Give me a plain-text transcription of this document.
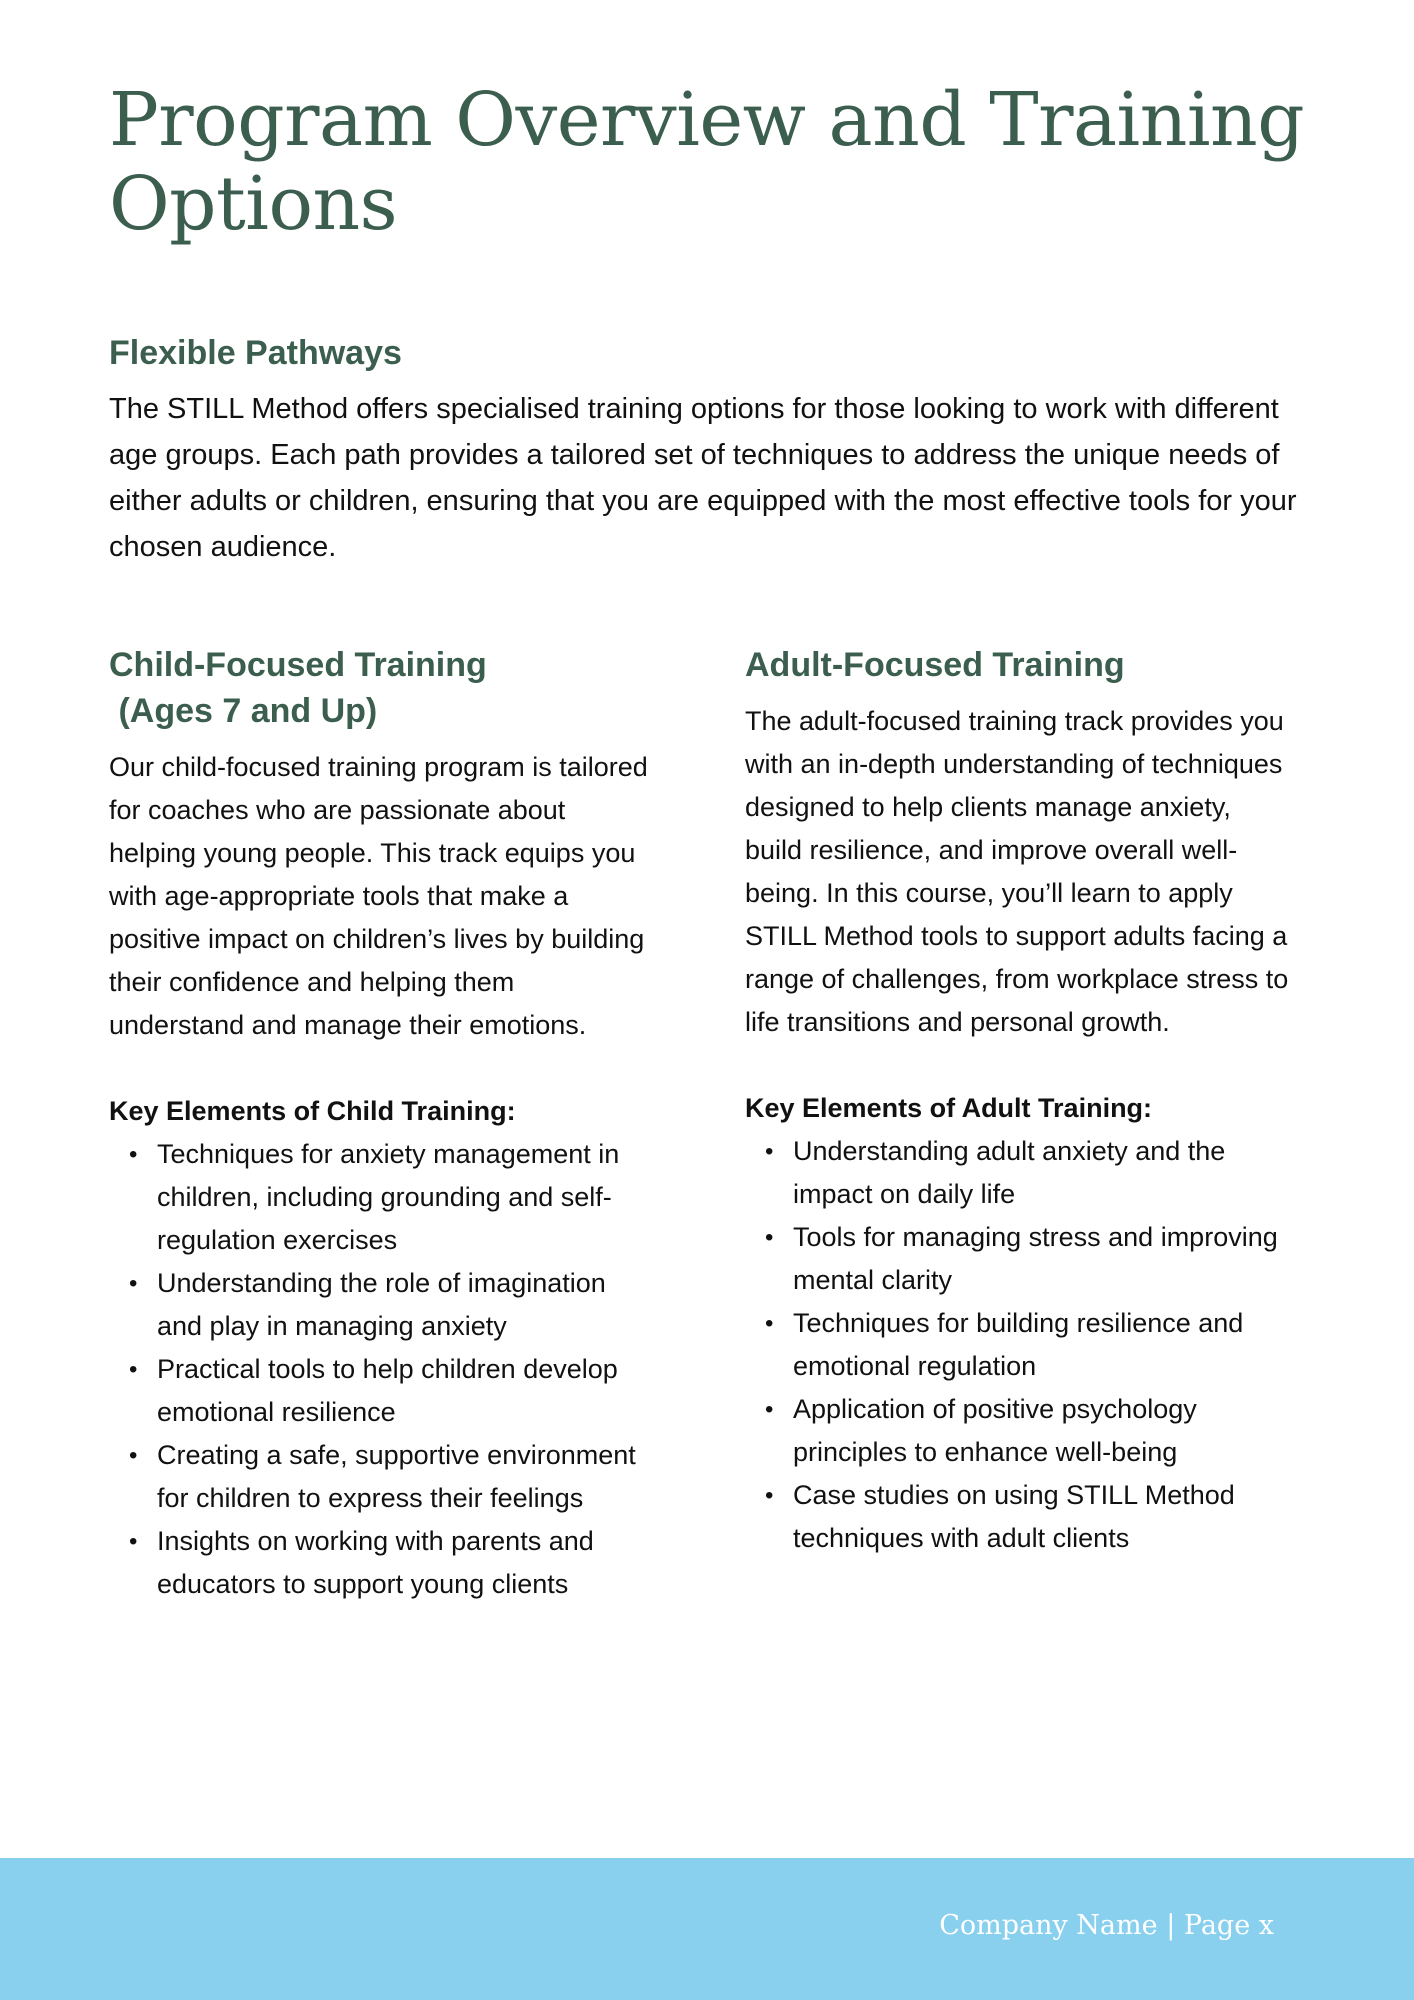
Program Overview and Training Options
Flexible Pathways

The STILL Method offers specialised training options for those looking to work with different age groups. Each path provides a tailored set of techniques to address the unique needs of either adults or children, ensuring that you are equipped with the most effective tools for your chosen audience.

Child-Focused Training
(Ages 7 and Up)

Our child-focused training program is tailored for coaches who are passionate about helping young people. This track equips you with age-appropriate tools that make a positive impact on children’s lives by building their confidence and helping them understand and manage their emotions.

Key Elements of Child Training:

• Techniques for anxiety management in children, including grounding and self-regulation exercises
• Understanding the role of imagination and play in managing anxiety
• Practical tools to help children develop emotional resilience
• Creating a safe, supportive environment for children to express their feelings
• Insights on working with parents and educators to support young clients
Adult-Focused Training

The adult-focused training track provides you with an in-depth understanding of techniques designed to help clients manage anxiety, build resilience, and improve overall well-being. In this course, you’ll learn to apply STILL Method tools to support adults facing a range of challenges, from workplace stress to life transitions and personal growth.

Key Elements of Adult Training:

• Understanding adult anxiety and the impact on daily life
• Tools for managing stress and improving mental clarity
• Techniques for building resilience and emotional regulation
• Application of positive psychology principles to enhance well-being
• Case studies on using STILL Method techniques with adult clients
Company Name | Page x
